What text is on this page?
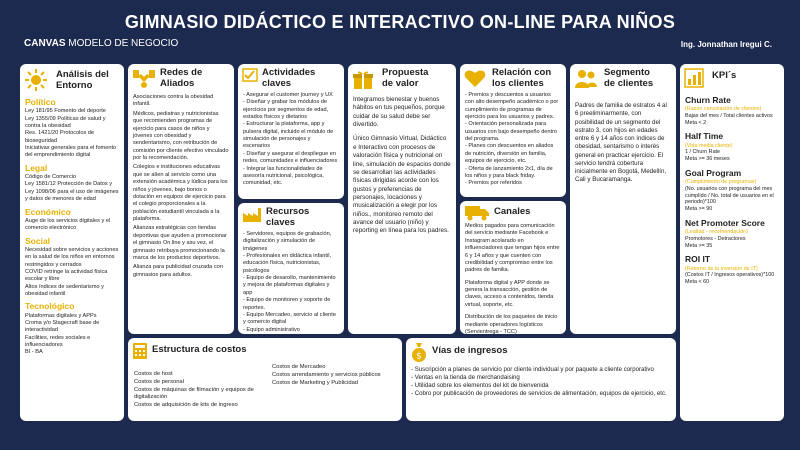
GIMNASIO DIDÁCTICO E INTERACTIVO ON-LINE PARA NIÑOS
CANVAS MODELO DE NEGOCIO	Ing. Jonnathan Iregui C.
Análisis del
Entorno
Político
Ley 181/95 Fomento del deporte
Ley 1355/09 Políticas de salud y contra la obesidad
Res. 1421/20 Protocolos de bioseguridad
Iniciativas generales para el fomento del emprendimiento digital
Legal
Código de Comercio
Ley 1581/12 Protección de Datos y Ley 1098/06 para el uso de imágenes y datos de menores de edad
Económico
Auge de los servicios digitales y el comercio electrónico
Social
Necesidad sobre servicios y acciones en la salud de los niños en entornos restringidos y cerrados
COVID retringe la actividad física escolar y libre
Altos índices de sedentarismo y obesidad infantil
Tecnológico
Plataformas digitales y APPs
Croma y/o Stagecraft base de interactividad
Facilities, redes sociales e influenciadores
BI - BA
Redes de
Aliados

Asociaciones contra la obesidad infantil.

Médicos, pediatras y nutricionistas que recomienden programas de ejercicio para casos de niños y jóvenes con obesidad y sendentarismo, con retribución de comisión por cliente efectivo vinculado por la recomendación.

Colegios e instituciones educativas que se alíen al servicio como una extensión académica y lúdica para los niños y jóvenes, bajo bonos o dotación en equipos de ejercicio para el colegio proporcionales a la población estudiantil vinculada a la plataforma.

Alianzas estratégicas con tiendas deportivas que ayuden a promocionar el gimnasio On line y asu vez, el gimnasio retribuya promocionando la marca de los productos deportivos.

Alianza para publicidad cruzada con gimnasios para adultos.

Actividades claves

- Asegurar el customer journey y UX

- Diseñar y grabar los módulos de ejercicios por segmentos de edad, estados físicos y dietarios

- Estructurar la plataforma, app y pulsera digital, incluido el módulo de simulación de personajes y escenarios

- Diseñar y asegurar el despliegue en redes, comunidades e influenciadores

- Integrar las funcionalidades de asesoría nutricional, psicológica, comunidad, etc.

Recursos claves

- Servidores, equipos de grabación, digitalización y simulación de imágenes

- Profesionales en didáctica infantil, educación física, nutricionistas, psicólogos

- Equipo de desarollo, mantenimiento y mejora de plataformas digitales y app

- Equipo de monitoreo y soporte de reportes.

- Equipo Mercadeo, servicio al cliente y comercio digital

- Equipo administrativo

Propuesta
de valor

Integramos bienestar y buenos hábitos en tus pequeños, porque cuidar de su salud debe ser divertido.

Único Gimnasio Virtual, Didáctico e Interactivo con procesos de valoración física y nutricional on line, simulación de espacios donde se desarrollan las actividades físicas dirigidas acorde con los gustos y preferencias de personajes, locaciones y musicalización a elegir por los niños., monitoreo remoto del avance del usuario (niño) y reporting en línea para los padres.

Relación con
los clientes

- Premios y descuentos a usuarios con alto desempeño académico o por cumplimiento de programas de ejercicio para los usuarios y padres.

- Orientación personalizada para usuarios con bajo desempeño dentro del programa.

- Planes con descuentos en aliados de nutrición, diversión en familia, equipos de ejercicio, etc.

- Oferta de lanzamiento 2x1, día de los niños y para black friday.

- Premios por referidos

Canales

Medios pagados para comunicación del servicio mediante Facebook e Instagram acolarado en influenciadores que tengan hijos entre 6 y 14 años y que cuenten con credibilidad y compromiso entre los padres de familia.

Plataforma digital y APP donde se genera la transacción, gestión de claves, acceso a contenidos, tienda virtual, soporte, etc.

Distribución de los paquetes de inicio mediante operadores logísticos (Servientrega - TCC)

Segmento
de clientes
Padres de familia de estratos 4 al 6 preeliminarmente, con posibilidad de un segmento del estrato 3, con hijos en edades entre 6 y 14 años con índices de obesidad, sentarismo o interés general en practicar ejercicio. El servicio tendrá cobertura inicialmente en Bogotá, Medellín, Cali y Bucaramanga.
KPI´s
Churn Rate
(Razón cancelación de clientes)
Bajas del mes / Total clientes activos
Meta < 2
Half Time
(Vida media cliente)
1 / Churn Rate
Meta >= 36 meses
Goal Program
(Cumplimiento de programas)
(No. usuarios con programa del mes cumplido / No. total de usuarios en el periodo)*100
Meta >= 90
Net Promoter Score
(Lealtad - recomendación)
Promotores - Detractores
Meta >= 35
ROI IT
(Retorno de la inversión de IT)
(Costos IT / Ingresos operativos)*100
Meta < 60
Estructura de costos
Costos de host
Costos de personal
Costos de máquinas de filmación y equipos de digitalización
Costos de adquisición de kits de ingreso
Costos de Mercadeo
Costos arrendamiento y servicios públicos
Costos de Marketing y Publicidad
$
Vías de ingresos

- Suscripción a planes de servicio por cliente individual y por paquete a cliente corporativo

- Ventas en la tienda de merchandaising

- Utilidad sobre los elementos del kit de bienvenida

- Cobro por publicación de proveedores de servicios de alimentación, equipos de ejercicio, etc.
